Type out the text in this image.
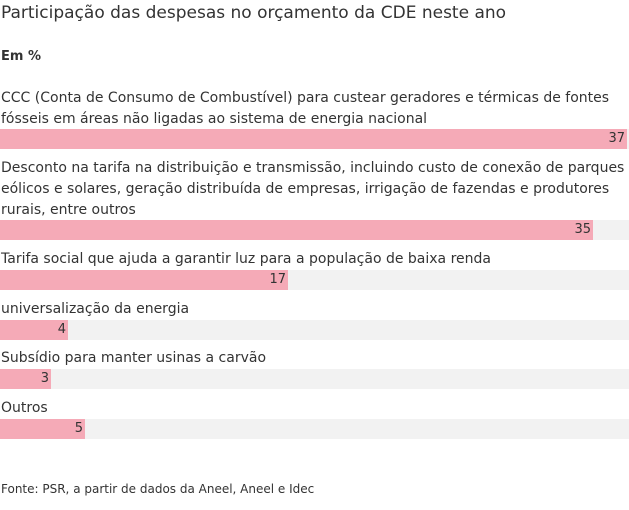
Participação das despesas no orçamento da CDE neste ano
Em %
CCC (Conta de Consumo de Combustível) para custear geradores e térmicas de fontes fósseis em áreas não ligadas ao sistema de energia nacional
37
Desconto na tarifa na distribuição e transmissão, incluindo custo de conexão de parques eólicos e solares, geração distribuída de empresas, irrigação de fazendas e produtores rurais, entre outros
35
Tarifa social que ajuda a garantir luz para a população de baixa renda
17
universalização da energia
4
Subsídio para manter usinas a carvão
3
Outros
5
Fonte: PSR, a partir de dados da Aneel, Aneel e Idec
